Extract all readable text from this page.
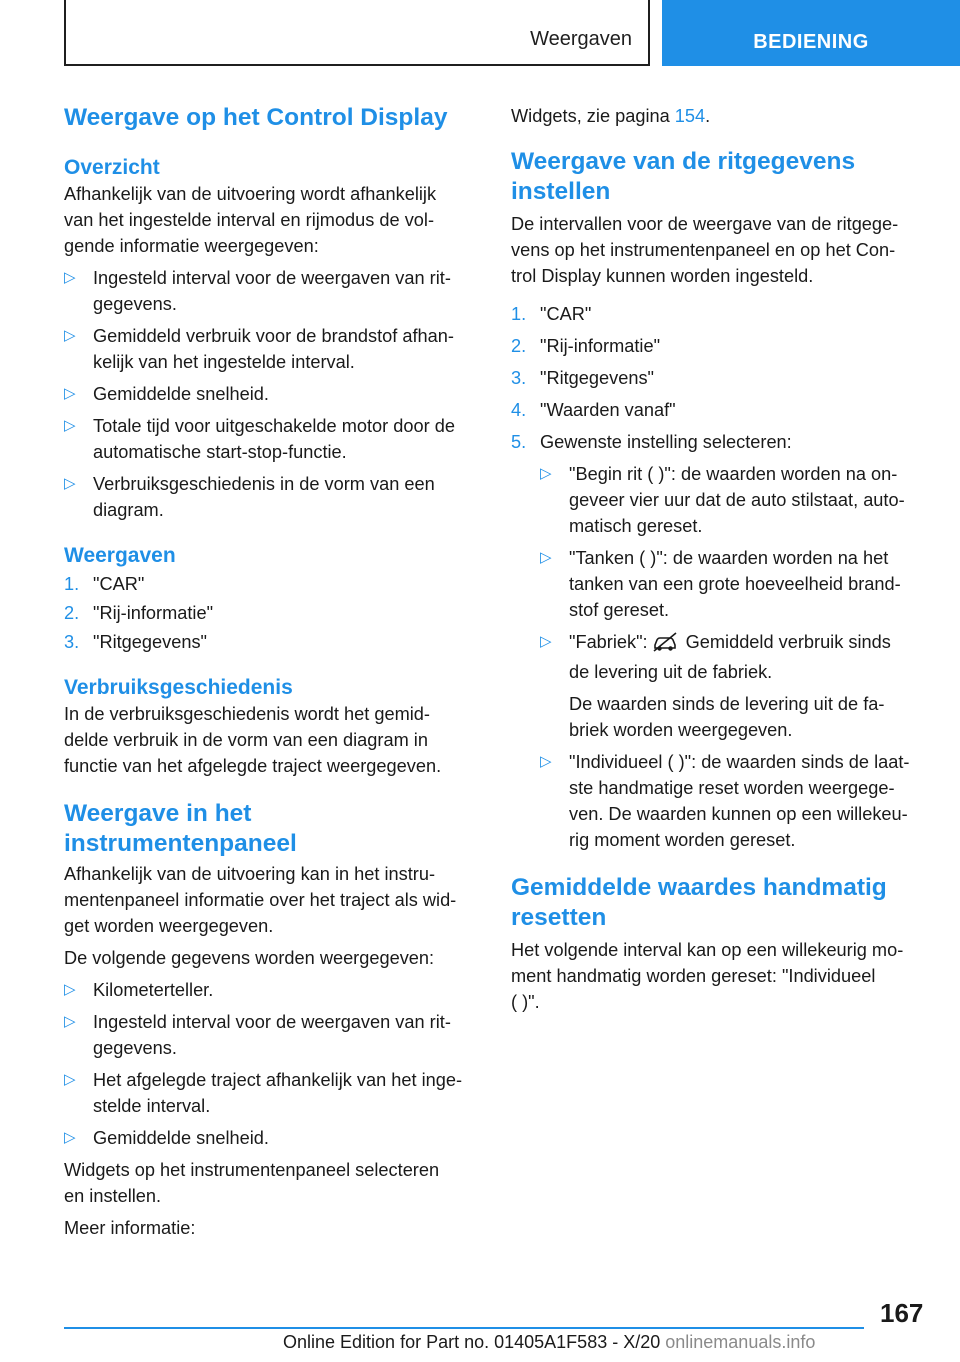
Weergaven	BEDIENING
Weergave op het Control Display
Overzicht
Afhankelijk van de uitvoering wordt afhankelijk
van het ingestelde interval en rijmodus de vol-
gende informatie weergegeven:
▷ Ingesteld interval voor de weergaven van rit-
gegevens.
▷ Gemiddeld verbruik voor de brandstof afhan-
kelijk van het ingestelde interval.
▷ Gemiddelde snelheid.
▷ Totale tijd voor uitgeschakelde motor door de
automatische start-stop-functie.
▷ Verbruiksgeschiedenis in de vorm van een
diagram.
Weergaven
1. "CAR"
2. "Rij-informatie"
3. "Ritgegevens"
Verbruiksgeschiedenis
In de verbruiksgeschiedenis wordt het gemid-
delde verbruik in de vorm van een diagram in
functie van het afgelegde traject weergegeven.
Weergave in het
instrumentenpaneel
Afhankelijk van de uitvoering kan in het instru-
mentenpaneel informatie over het traject als wid-
get worden weergegeven.
De volgende gegevens worden weergegeven:
▷ Kilometerteller.
▷ Ingesteld interval voor de weergaven van rit-
gegevens.
▷ Het afgelegde traject afhankelijk van het inge-
stelde interval.
▷ Gemiddelde snelheid.
Widgets op het instrumentenpaneel selecteren
en instellen.
Meer informatie:
Widgets, zie pagina 154.
Weergave van de ritgegevens
instellen
De intervallen voor de weergave van de ritgege-
vens op het instrumentenpaneel en op het Con-
trol Display kunnen worden ingesteld.
1. "CAR"
2. "Rij-informatie"
3. "Ritgegevens"
4. "Waarden vanaf"
5. Gewenste instelling selecteren:
▷ "Begin rit ( )": de waarden worden na on-
geveer vier uur dat de auto stilstaat, auto-
matisch gereset.
▷ "Tanken ( )": de waarden worden na het
tanken van een grote hoeveelheid brand-
stof gereset.
▷ "Fabriek": Gemiddeld verbruik sinds
de levering uit de fabriek.
De waarden sinds de levering uit de fa-
briek worden weergegeven.
▷ "Individueel ( )": de waarden sinds de laat-
ste handmatige reset worden weergege-
ven. De waarden kunnen op een willekeu-
rig moment worden gereset.
Gemiddelde waardes handmatig
resetten
Het volgende interval kan op een willekeurig mo-
ment handmatig worden gereset: "Individueel
( )".
167
Online Edition for Part no. 01405A1F583 - X/20 onlinemanuals.info
